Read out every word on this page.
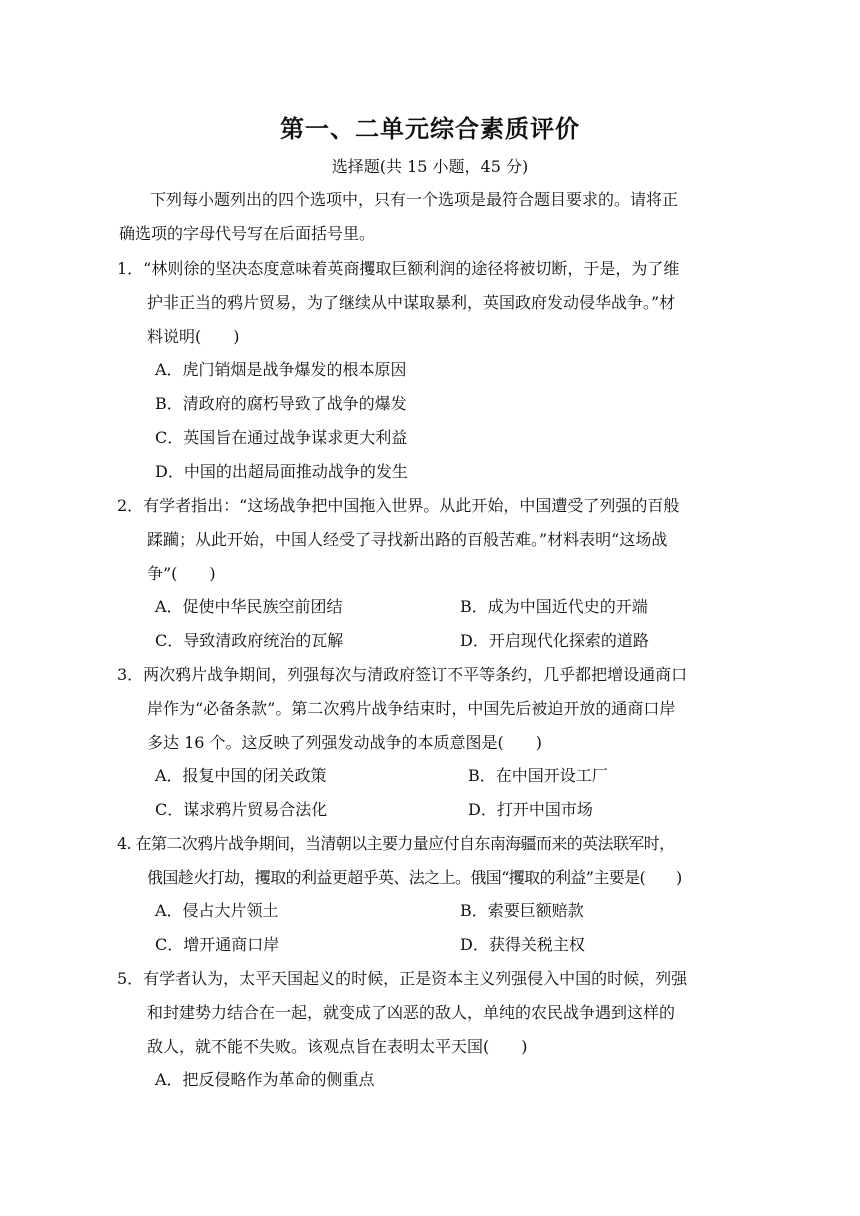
第一、二单元综合素质评价
选择题(共 15 小题，45 分)
下列每小题列出的四个选项中，只有一个选项是最符合题目要求的。请将正
确选项的字母代号写在后面括号里。
1．“林则徐的坚决态度意味着英商攫取巨额利润的途径将被切断，于是，为了维
护非正当的鸦片贸易，为了继续从中谋取暴利，英国政府发动侵华战争。”材
料说明(　　)
A．虎门销烟是战争爆发的根本原因
B．清政府的腐朽导致了战争的爆发
C．英国旨在通过战争谋求更大利益
D．中国的出超局面推动战争的发生
2．有学者指出：“这场战争把中国拖入世界。从此开始，中国遭受了列强的百般
蹂躏；从此开始，中国人经受了寻找新出路的百般苦难。”材料表明“这场战
争”(　　)
A．促使中华民族空前团结	B．成为中国近代史的开端
C．导致清政府统治的瓦解	D．开启现代化探索的道路
3．两次鸦片战争期间，列强每次与清政府签订不平等条约，几乎都把增设通商口
岸作为“必备条款”。第二次鸦片战争结束时，中国先后被迫开放的通商口岸
多达 16 个。这反映了列强发动战争的本质意图是(　　)
A．报复中国的闭关政策	B．在中国开设工厂
C．谋求鸦片贸易合法化	D．打开中国市场
4. 在第二次鸦片战争期间，当清朝以主要力量应付自东南海疆而来的英法联军时，
俄国趁火打劫，攫取的利益更超乎英、法之上。俄国“攫取的利益”主要是(　　)
A．侵占大片领土	B．索要巨额赔款
C．增开通商口岸	D．获得关税主权
5．有学者认为，太平天国起义的时候，正是资本主义列强侵入中国的时候，列强
和封建势力结合在一起，就变成了凶恶的敌人，单纯的农民战争遇到这样的
敌人，就不能不失败。该观点旨在表明太平天国(　　)
A．把反侵略作为革命的侧重点
